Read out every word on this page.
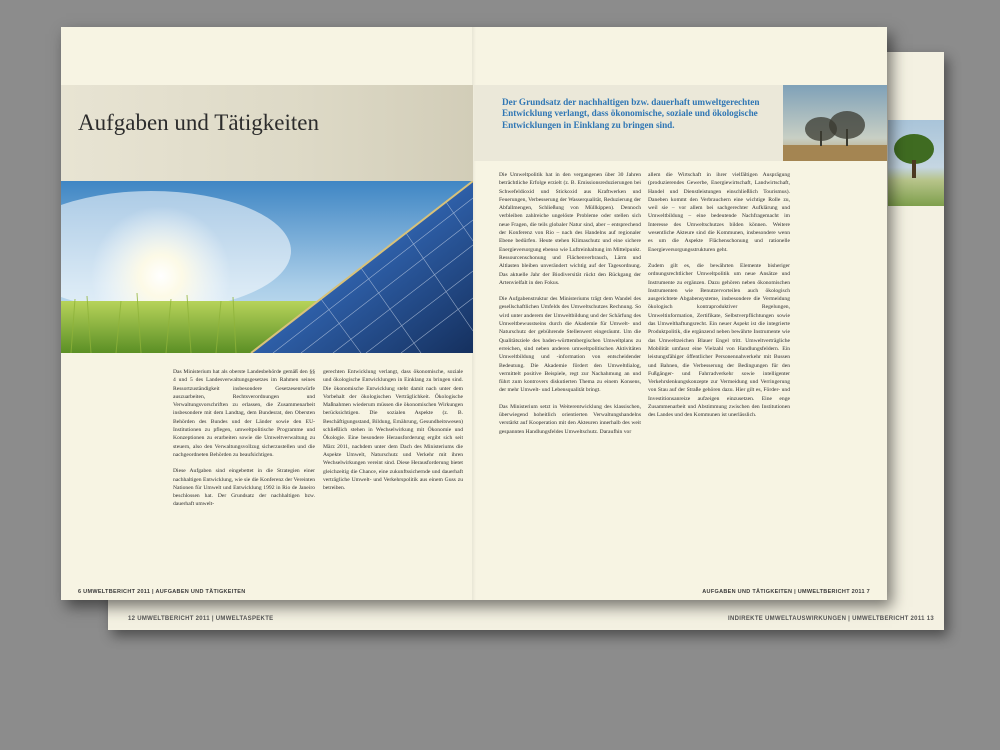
12 UMWELTBERICHT 2011 | UMWELTASPEKTE	INDIREKTE UMWELTAUSWIRKUNGEN | UMWELTBERICHT 2011 13
Aufgaben und Tätigkeiten

Das Ministerium hat als oberste Landesbehörde gemäß den §§ 4 und 5 des Landesverwaltungsgesetzes im Rahmen seines Ressortzuständigkeit insbesondere Gesetzesentwürfe auszuarbeiten, Rechtsverordnungen und Verwaltungsvorschriften zu erlassen, die Zusammenarbeit insbesondere mit dem Landtag, dem Bundesrat, den Obersten Behörden des Bundes und der Länder sowie den EU-Institutionen zu pflegen, umweltpolitische Programme und Konzeptionen zu erarbeiten sowie die Umweltverwaltung zu steuern, also den Verwaltungsvollzug sicherzustellen und die nachgeordneten Behörden zu beaufsichtigen.

Diese Aufgaben sind eingebettet in die Strategien einer nachhaltigen Entwicklung, wie sie die Konferenz der Vereinten Nationen für Umwelt und Entwicklung 1992 in Rio de Janeiro beschlossen hat. Der Grundsatz der nachhaltigen bzw. dauerhaft umwelt-

gerechten Entwicklung verlangt, dass ökonomische, soziale und ökologische Entwicklungen in Einklang zu bringen sind. Die ökonomische Entwicklung steht damit nach unter dem Vorbehalt der ökologischen Verträglichkeit. Ökologische Maßnahmen wiederum müssen die ökonomischen Wirkungen berücksichtigen. Die sozialen Aspekte (z. B. Beschäftigungsstand, Bildung, Ernährung, Gesundheitswesen) schließlich stehen in Wechselwirkung mit Ökonomie und Ökologie. Eine besondere Herausforderung ergibt sich seit März 2011, nachdem unter dem Dach des Ministeriums die Aspekte Umwelt, Naturschutz und Verkehr mit ihren Wechselwirkungen vereint sind. Diese Herausforderung bietet gleichzeitig die Chance, eine zukunftssichernde und dauerhaft verträgliche Umwelt- und Verkehrspolitik aus einem Guss zu betreiben.

Der Grundsatz der nachhaltigen bzw. dauerhaft umweltgerechten Entwicklung verlangt, dass ökonomische, soziale und ökologische Entwicklungen in Einklang zu bringen sind.

Die Umweltpolitik hat in den vergangenen über 30 Jahren beträchtliche Erfolge erzielt (z. B. Emissionsreduzierungen bei Schwefeldioxid und Stickoxid aus Kraftwerken und Feuerungen, Verbesserung der Wasserqualität, Reduzierung der Abfallmengen, Schließung von Müllkippen). Dennoch verbleiben zahlreiche ungelöste Probleme oder stellen sich neue Fragen, die teils globaler Natur sind, aber – entsprechend der Konferenz von Rio – nach des Handelns auf regionaler Ebene bedürfen. Heute stehen Klimaschutz und eine sichere Energieversorgung ebenso wie Luftreinhaltung im Mittelpunkt. Ressourcenschonung und Flächenverbrauch, Lärm und Altlasten bleiben unverändert wichtig auf der Tagesordnung. Das aktuelle Jahr der Biodiversität rückt den Rückgang der Artenvielfalt in den Fokus.

Die Aufgabenstruktur des Ministeriums trägt dem Wandel des gesellschaftlichen Umfelds des Umweltschutzes Rechnung. So wird unter anderem der Umweltbildung und der Schärfung des Umweltbewusstseins durch die Akademie für Umwelt- und Naturschutz der gebührende Stellenwert eingeräumt. Um die Qualitätsziele des baden-württembergischen Umweltplans zu erreichen, sind neben anderen umweltpolitischen Aktivitäten Umweltbildung und -information von entscheidender Bedeutung. Die Akademie fördert den Umweltdialog, vermittelt positive Beispiele, regt zur Nachahmung an und führt zum kontrovers diskutierten Thema zu einem Konsens, der mehr Umwelt- und Lebensqualität bringt.

Das Ministerium setzt in Weiterentwicklung des klassischen, überwiegend hoheitlich orientierten Verwaltungshandelns verstärkt auf Kooperation mit den Akteuren innerhalb des weit gespannten Handlungsfeldes Umweltschutz. Daraufhin vor

allem die Wirtschaft in ihrer vielfältigen Ausprägung (produzierendes Gewerbe, Energiewirtschaft, Landwirtschaft, Handel und Dienstleistungen einschließlich Tourismus). Daneben kommt den Verbrauchern eine wichtige Rolle zu, weil sie – vor allem bei sachgerechter Aufklärung und Umweltbildung – eine bedeutende Nachfragemacht im Interesse des Umweltschutzes bilden können. Weitere wesentliche Akteure sind die Kommunen, insbesondere wenn es um die Aspekte Flächenschonung und rationelle Energieversorgungsstrukturen geht.

Zudem gilt es, die bewährten Elemente bisheriger ordnungsrechtlicher Umweltpolitik um neue Ansätze und Instrumente zu ergänzen. Dazu gehören neben ökonomischen Instrumenten wie Benutzervorteilen auch ökologisch ausgerichtete Abgabensysteme, insbesondere die Vermeidung ökologisch kontraproduktiver Regelungen, Umweltinformation, Zertifikate, Selbstverpflichtungen sowie das Umwelthaftungsrecht. Ein neuer Aspekt ist die integrierte Produktpolitik, die ergänzend neben bewährte Instrumente wie das Umweltzeichen Blauer Engel tritt. Umweltverträgliche Mobilität umfasst eine Vielzahl von Handlungsfeldern. Ein leistungsfähiger öffentlicher Personennahverkehr mit Bussen und Bahnen, die Verbesserung der Bedingungen für den Fußgänger- und Fahrradverkehr sowie intelligenter Verkehrslenkungskonzepte zur Vermeidung und Verringerung von Stau auf der Straße gehören dazu. Hier gilt es, Förder- und Investitionsanreize aufzeigen einzusetzen. Eine enge Zusammenarbeit und Abstimmung zwischen den Institutionen des Landes und den Kommunen ist unerlässlich.

6 UMWELTBERICHT 2011 | AUFGABEN UND TÄTIGKEITEN	AUFGABEN UND TÄTIGKEITEN | UMWELTBERICHT 2011 7
